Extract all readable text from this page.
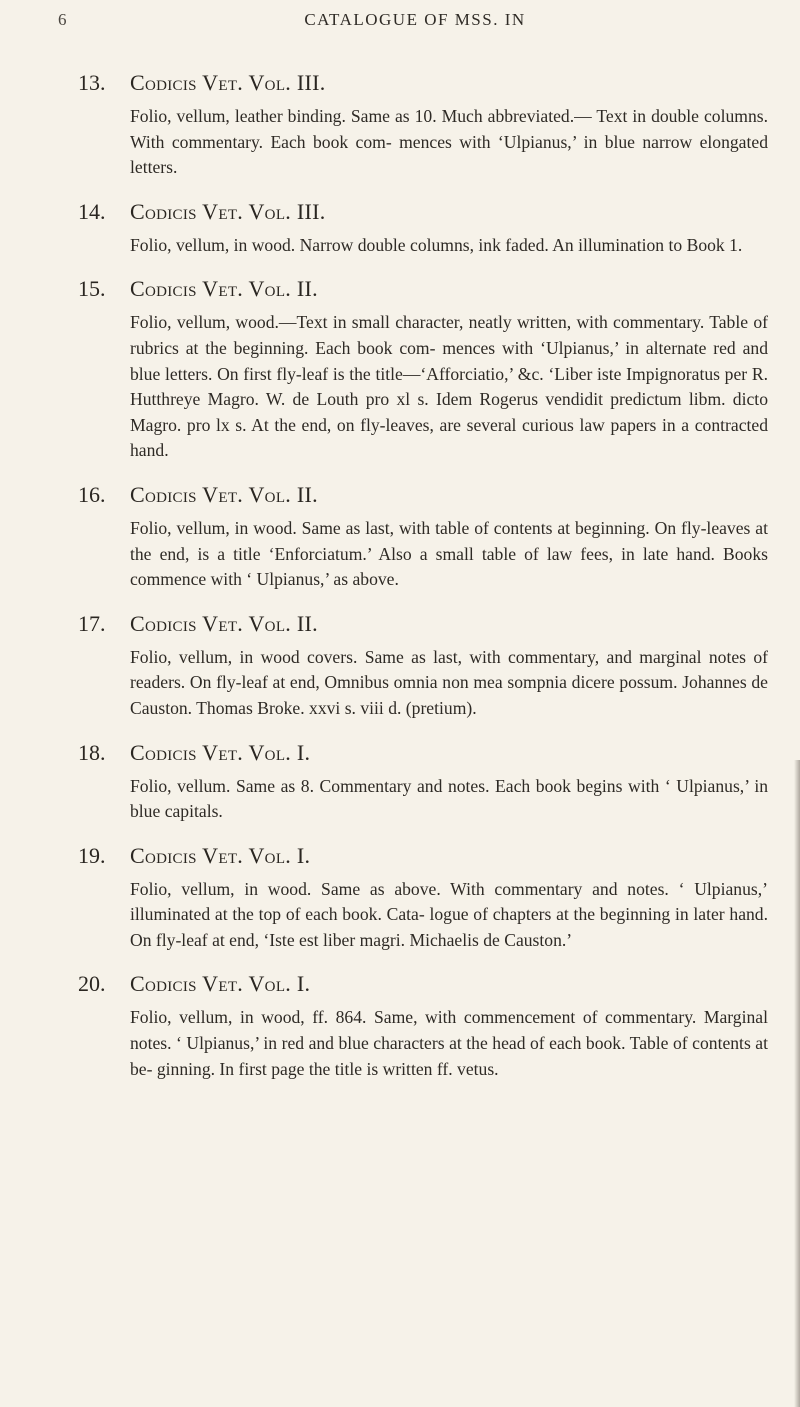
6	CATALOGUE OF MSS. IN
13. Codicis Vet. Vol. III.
Folio, vellum, leather binding. Same as 10. Much abbreviated.— Text in double columns. With commentary. Each book com- mences with ‘Ulpianus,’ in blue narrow elongated letters.
14. Codicis Vet. Vol. III.
Folio, vellum, in wood. Narrow double columns, ink faded. An illumination to Book 1.
15. Codicis Vet. Vol. II.
Folio, vellum, wood.—Text in small character, neatly written, with commentary. Table of rubrics at the beginning. Each book com- mences with ‘Ulpianus,’ in alternate red and blue letters. On first fly-leaf is the title—‘Afforciatio,’ &c. ‘Liber iste Impignoratus per R. Hutthreye Magro. W. de Louth pro xl s. Idem Rogerus vendidit predictum libm. dicto Magro. pro lx s. At the end, on fly-leaves, are several curious law papers in a contracted hand.
16. Codicis Vet. Vol. II.
Folio, vellum, in wood. Same as last, with table of contents at beginning. On fly-leaves at the end, is a title ‘Enforciatum.’ Also a small table of law fees, in late hand. Books commence with ‘ Ulpianus,’ as above.
17. Codicis Vet. Vol. II.
Folio, vellum, in wood covers. Same as last, with commentary, and marginal notes of readers. On fly-leaf at end, Omnibus omnia non mea sompnia dicere possum. Johannes de Causton. Thomas Broke. xxvi s. viii d. (pretium).
18. Codicis Vet. Vol. I.
Folio, vellum. Same as 8. Commentary and notes. Each book begins with ‘ Ulpianus,’ in blue capitals.
19. Codicis Vet. Vol. I.
Folio, vellum, in wood. Same as above. With commentary and notes. ‘ Ulpianus,’ illuminated at the top of each book. Cata- logue of chapters at the beginning in later hand. On fly-leaf at end, ‘Iste est liber magri. Michaelis de Causton.’
20. Codicis Vet. Vol. I.
Folio, vellum, in wood, ff. 864. Same, with commencement of commentary. Marginal notes. ‘ Ulpianus,’ in red and blue characters at the head of each book. Table of contents at be- ginning. In first page the title is written ff. vetus.
